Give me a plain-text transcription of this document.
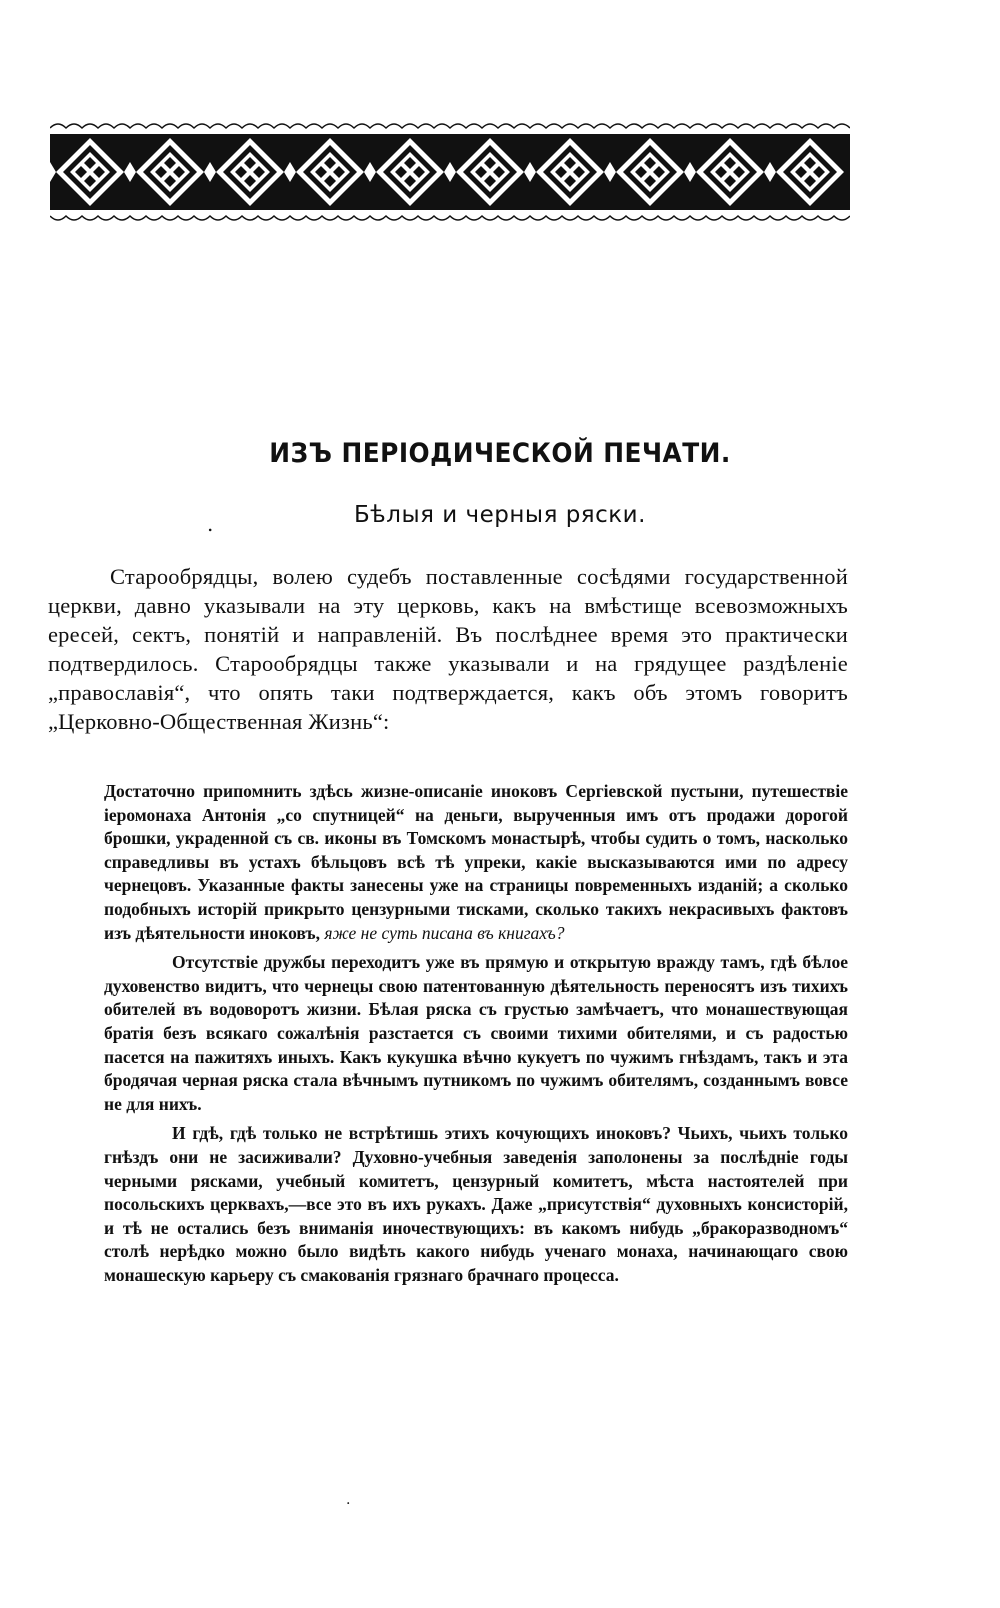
ИЗЪ ПЕРІОДИЧЕСКОЙ ПЕЧАТИ.
.	Бѣлыя и черныя ряски.
Старообрядцы, волею судебъ поставленные сосѣдями государственной церкви, давно указывали на эту церковь, какъ на вмѣстище всевозможныхъ ересей, сектъ, понятій и направленій. Въ послѣднее время это практически подтвердилось. Старообрядцы также указывали и на грядущее раздѣленіе „православія“, что опять таки подтверждается, какъ объ этомъ говоритъ „Церковно-Общественная Жизнь“:

Достаточно припомнить здѣсь жизне-описаніе иноковъ Сергіевской пустыни, путешествіе іеромонаха Антонія „со спутницей“ на деньги, вырученныя имъ отъ продажи дорогой брошки, украденной съ св. иконы въ Томскомъ монастырѣ, чтобы судить о томъ, насколько справедливы въ устахъ бѣльцовъ всѣ тѣ упреки, какіе высказываются ими по адресу чернецовъ. Указанные факты занесены уже на страницы повременныхъ изданій; а сколько подобныхъ исторій прикрыто цензурными тисками, сколько такихъ некрасивыхъ фактовъ изъ дѣятельности иноковъ, яже не суть писана въ книгахъ?

Отсутствіе дружбы переходитъ уже въ прямую и открытую вражду тамъ, гдѣ бѣлое духовенство видитъ, что чернецы свою патентованную дѣятельность переносятъ изъ тихихъ обителей въ водоворотъ жизни. Бѣлая ряска съ грустью замѣчаетъ, что монашествующая братія безъ всякаго сожалѣнія разстается съ своими тихими обителями, и съ радостью пасется на пажитяхъ иныхъ. Какъ кукушка вѣчно кукуетъ по чужимъ гнѣздамъ, такъ и эта бродячая черная ряска стала вѣчнымъ путникомъ по чужимъ обителямъ, созданнымъ вовсе не для нихъ.

И гдѣ, гдѣ только не встрѣтишь этихъ кочующихъ иноковъ? Чьихъ, чьихъ только гнѣздъ они не засиживали? Духовно-учебныя заведенія заполонены за послѣдніе годы черными рясками, учебный комитетъ, цензурный комитетъ, мѣста настоятелей при посольскихъ церквахъ,—все это въ ихъ рукахъ. Даже „присутствія“ духовныхъ консисторій, и тѣ не остались безъ вниманія иночествующихъ: въ какомъ нибудь „бракоразводномъ“ столѣ нерѣдко можно было видѣть какого нибудь ученаго монаха, начинающаго свою монашескую карьеру съ смакованія грязнаго брачнаго процесса.

.
